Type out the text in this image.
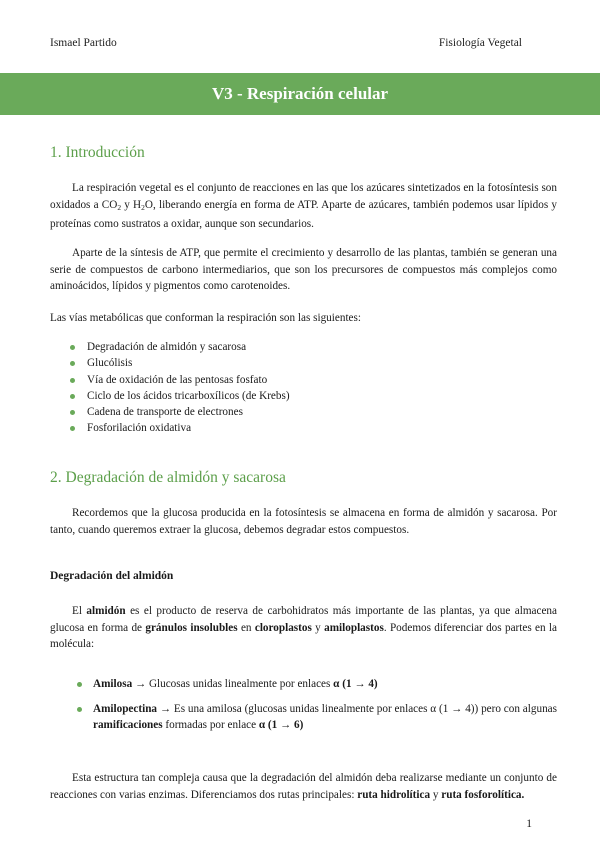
Ismael Partido	Fisiología Vegetal
V3 - Respiración celular
1. Introducción
La respiración vegetal es el conjunto de reacciones en las que los azúcares sintetizados en la fotosíntesis son oxidados a $CO_2$ y $H_2O$, liberando energía en forma de ATP. Aparte de azúcares, también podemos usar lípidos y proteínas como sustratos a oxidar, aunque son secundarios.
Aparte de la síntesis de ATP, que permite el crecimiento y desarrollo de las plantas, también se generan una serie de compuestos de carbono intermediarios, que son los precursores de compuestos más complejos como aminoácidos, lípidos y pigmentos como carotenoides.
Las vías metabólicas que conforman la respiración son las siguientes:
Degradación de almidón y sacarosa
Glucólisis
Vía de oxidación de las pentosas fosfato
Ciclo de los ácidos tricarboxílicos (de Krebs)
Cadena de transporte de electrones
Fosforilación oxidativa
2. Degradación de almidón y sacarosa
Recordemos que la glucosa producida en la fotosíntesis se almacena en forma de almidón y sacarosa. Por tanto, cuando queremos extraer la glucosa, debemos degradar estos compuestos.
Degradación del almidón
El almidón es el producto de reserva de carbohidratos más importante de las plantas, ya que almacena glucosa en forma de gránulos insolubles en cloroplastos y amiloplastos. Podemos diferenciar dos partes en la molécula:
Amilosa → Glucosas unidas linealmente por enlaces α (1 → 4)
Amilopectina → Es una amilosa (glucosas unidas linealmente por enlaces α (1 → 4)) pero con algunas ramificaciones formadas por enlace α (1 → 6)
Esta estructura tan compleja causa que la degradación del almidón deba realizarse mediante un conjunto de reacciones con varias enzimas. Diferenciamos dos rutas principales: ruta hidrolítica y ruta fosforolítica.
1
